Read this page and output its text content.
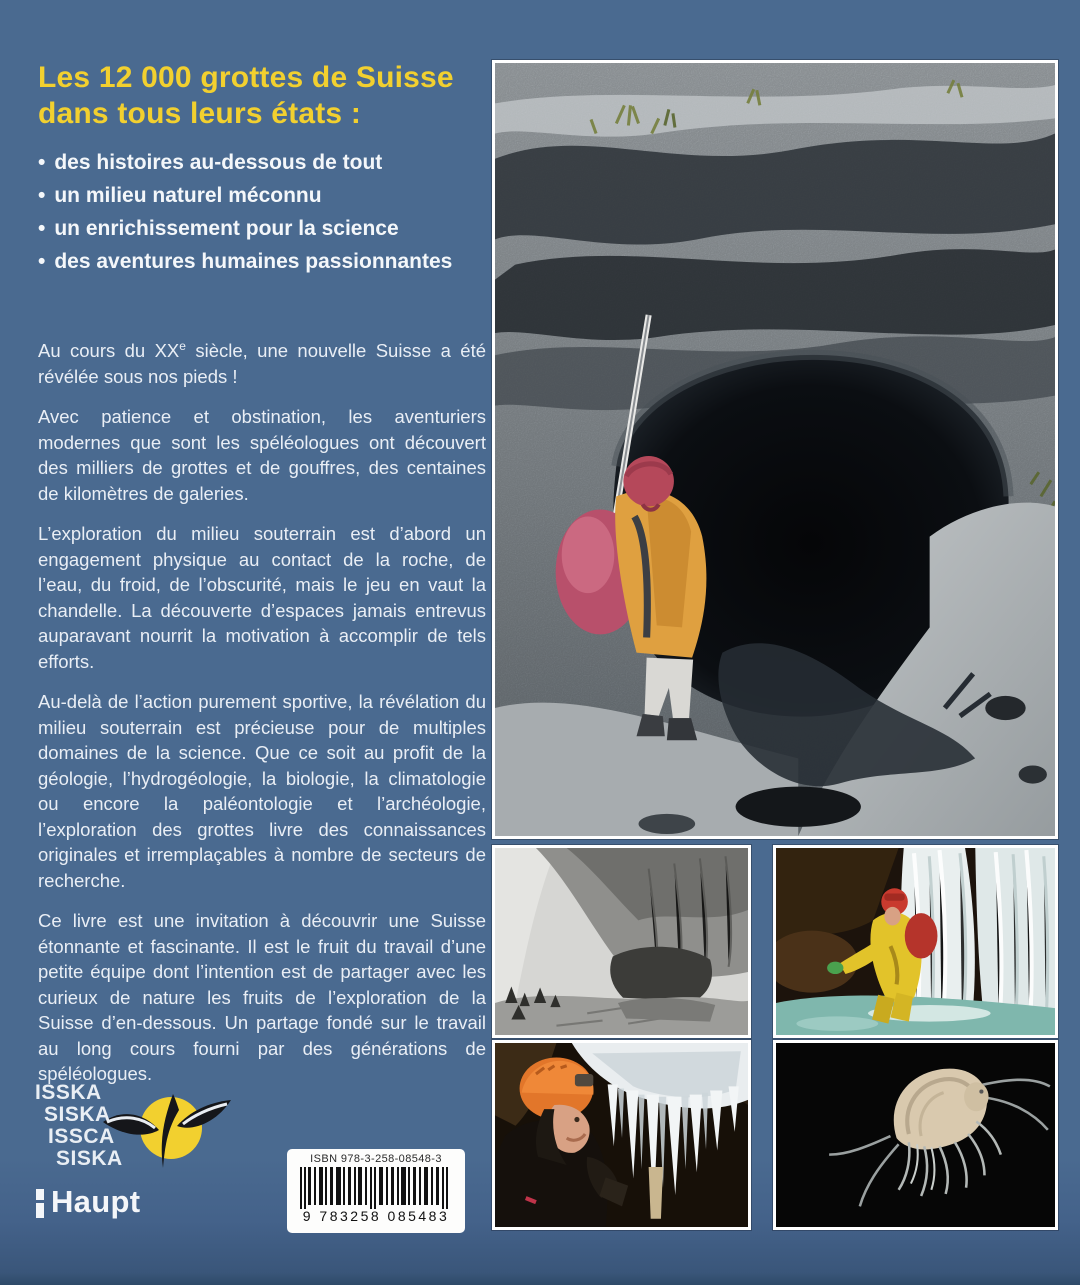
Les 12 000 grottes de Suisse
dans tous leurs états :
• des histoires au-dessous de tout
• un milieu naturel méconnu
• un enrichissement pour la science
• des aventures humaines passionnantes

Au cours du XXe siècle, une nouvelle Suisse a été révélée sous nos pieds !

Avec patience et obstination, les aventuriers modernes que sont les spéléologues ont découvert des milliers de grottes et de gouffres, des centaines de kilomètres de galeries.

L’exploration du milieu souterrain est d’abord un engagement physique au contact de la roche, de l’eau, du froid, de l’obscurité, mais le jeu en vaut la chandelle. La découverte d’espaces jamais entrevus auparavant nourrit la motivation à accomplir de tels efforts.

Au-delà de l’action purement sportive, la révélation du milieu souterrain est précieuse pour de multiples domaines de la science. Que ce soit au profit de la géologie, l’hydrogéologie, la biologie, la climatologie ou encore la paléontologie et l’archéologie, l’exploration des grottes livre des connaissances originales et irremplaçables à nombre de secteurs de recherche.

Ce livre est une invitation à découvrir une Suisse étonnante et fascinante. Il est le fruit du travail d’une petite équipe dont l’intention est de partager avec les curieux de nature les fruits de l’exploration de la Suisse d’en-dessous. Un partage fondé sur le travail au long cours fourni par des générations de spéléologues.

ISSKA
SISKA
ISSCA
SISKA
Haupt
ISBN 978-3-258-08548-3
9 783258 085483
